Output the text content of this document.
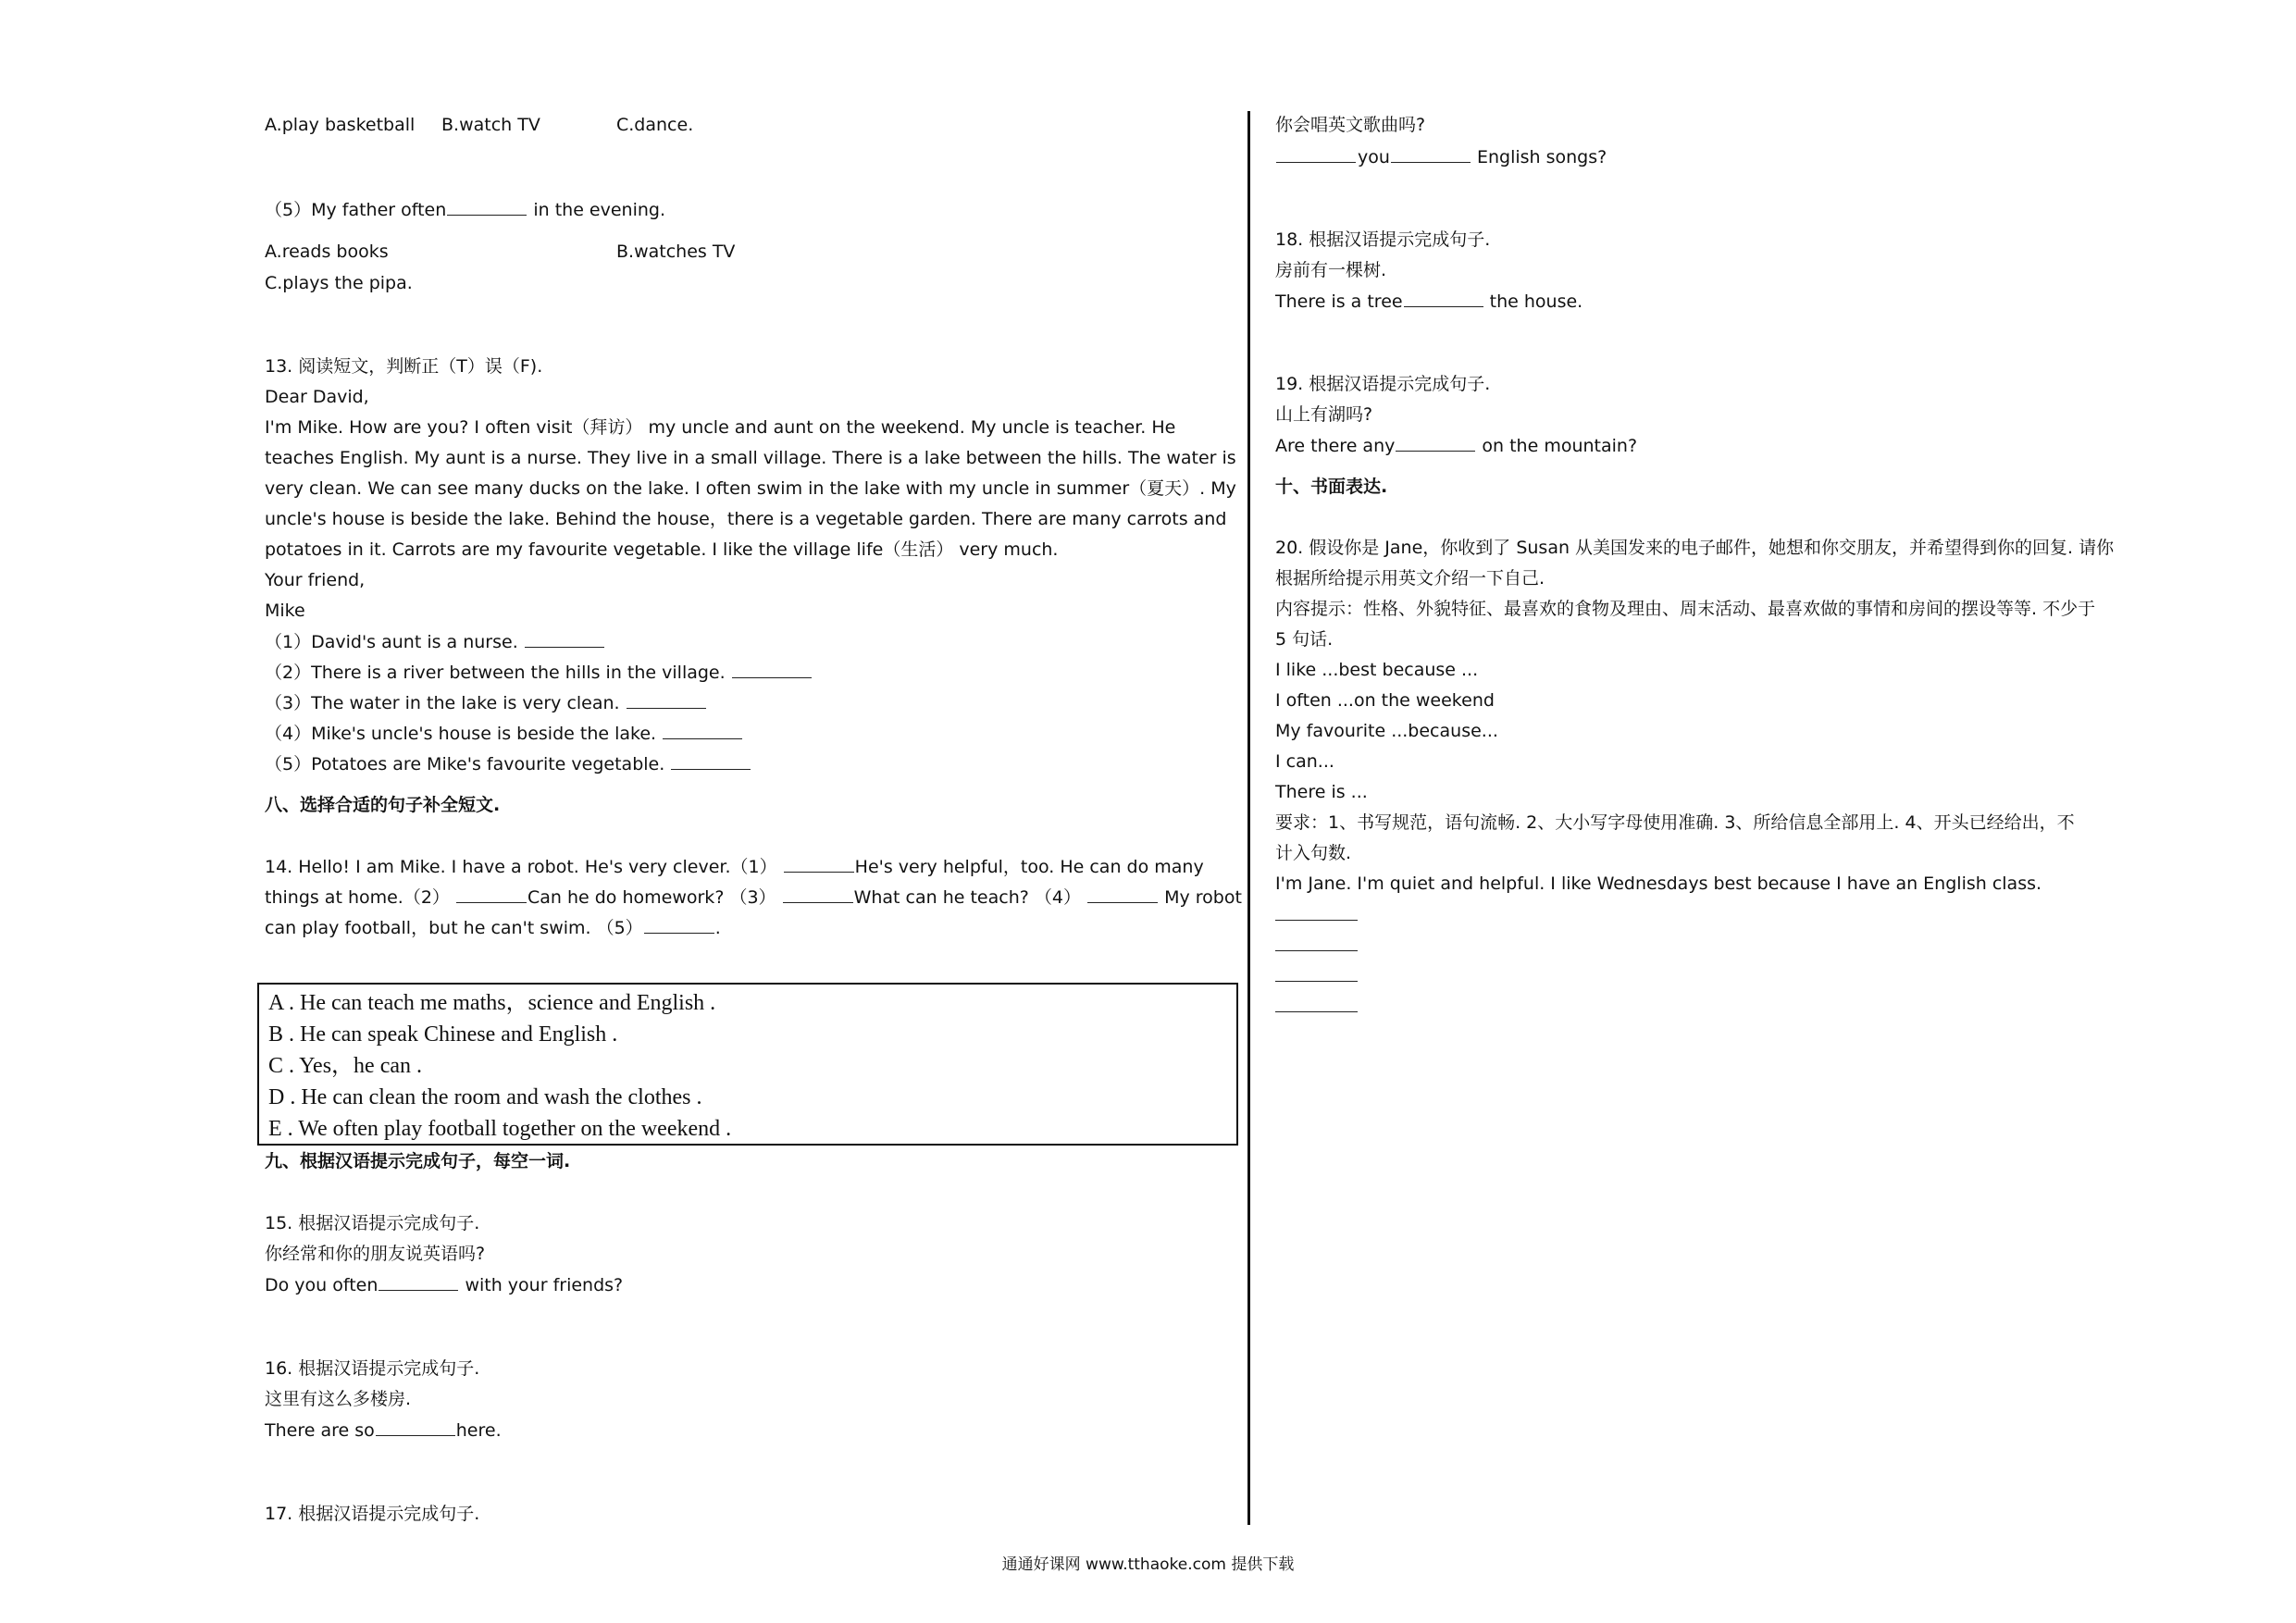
A.play basketball B.watch TV	C.dance.
（5）My father often	in the evening.
A.reads books	B.watches TV
C.plays the pipa.
13. 阅读短文，判断正（T）误（F).
Dear David,
I'm Mike. How are you? I often visit（拜访） my uncle and aunt on the weekend. My uncle is teacher. He
teaches English. My aunt is a nurse. They live in a small village. There is a lake between the hills. The water is
very clean. We can see many ducks on the lake. I often swim in the lake with my uncle in summer（夏天）. My
uncle's house is beside the lake. Behind the house，there is a vegetable garden. There are many carrots and
potatoes in it. Carrots are my favourite vegetable. I like the village life（生活） very much.
Your friend,
Mike
（1）David's aunt is a nurse.
（2）There is a river between the hills in the village.
（3）The water in the lake is very clean.
（4）Mike's uncle's house is beside the lake.
（5）Potatoes are Mike's favourite vegetable.
八、选择合适的句子补全短文.
14. Hello! I am Mike. I have a robot. He's very clever.（1）	He's very helpful，too. He can do many
things at home.（2）	Can he do homework? （3）	What can he teach? （4）	My robot
can play football，but he can't swim. （5）	.
A . He can teach me maths，science and English .
B . He can speak Chinese and English .
C . Yes，he can .
D . He can clean the room and wash the clothes .
E . We often play football together on the weekend .
九、根据汉语提示完成句子，每空一词.
15. 根据汉语提示完成句子.
你经常和你的朋友说英语吗?
Do you often	with your friends?
16. 根据汉语提示完成句子.
这里有这么多楼房.
There are so	here.
17. 根据汉语提示完成句子.
你会唱英文歌曲吗?
you	English songs?
18. 根据汉语提示完成句子.
房前有一棵树.
There is a tree	the house.
19. 根据汉语提示完成句子.
山上有湖吗?
Are there any	on the mountain?
十、书面表达.
20. 假设你是 Jane，你收到了 Susan 从美国发来的电子邮件，她想和你交朋友，并希望得到你的回复. 请你
根据所给提示用英文介绍一下自己.
内容提示：性格、外貌特征、最喜欢的食物及理由、周末活动、最喜欢做的事情和房间的摆设等等. 不少于
5 句话.
I like ...best because ...
I often ...on the weekend
My favourite ...because...
I can...
There is ...
要求：1、书写规范，语句流畅. 2、大小写字母使用准确. 3、所给信息全部用上. 4、开头已经给出，不
计入句数.
I'm Jane. I'm quiet and helpful. I like Wednesdays best because I have an English class.
通通好课网 www.tthaoke.com 提供下载
